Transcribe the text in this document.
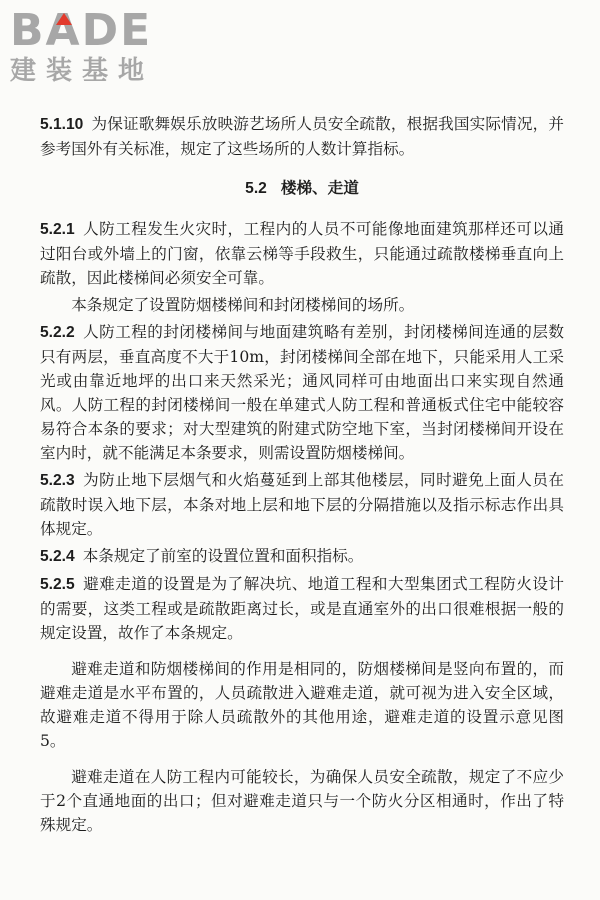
BADE
建装基地

5.1.10 为保证歌舞娱乐放映游艺场所人员安全疏散，根据我国实际情况，并参考国外有关标准，规定了这些场所的人数计算指标。

5.2 楼梯、走道

5.2.1 人防工程发生火灾时，工程内的人员不可能像地面建筑那样还可以通过阳台或外墙上的门窗，依靠云梯等手段救生，只能通过疏散楼梯垂直向上疏散，因此楼梯间必须安全可靠。

本条规定了设置防烟楼梯间和封闭楼梯间的场所。

5.2.2 人防工程的封闭楼梯间与地面建筑略有差别，封闭楼梯间连通的层数只有两层，垂直高度不大于10m，封闭楼梯间全部在地下，只能采用人工采光或由靠近地坪的出口来天然采光；通风同样可由地面出口来实现自然通风。人防工程的封闭楼梯间一般在单建式人防工程和普通板式住宅中能较容易符合本条的要求；对大型建筑的附建式防空地下室，当封闭楼梯间开设在室内时，就不能满足本条要求，则需设置防烟楼梯间。

5.2.3 为防止地下层烟气和火焰蔓延到上部其他楼层，同时避免上面人员在疏散时误入地下层，本条对地上层和地下层的分隔措施以及指示标志作出具体规定。

5.2.4 本条规定了前室的设置位置和面积指标。

5.2.5 避难走道的设置是为了解决坑、地道工程和大型集团式工程防火设计的需要，这类工程或是疏散距离过长，或是直通室外的出口很难根据一般的规定设置，故作了本条规定。

避难走道和防烟楼梯间的作用是相同的，防烟楼梯间是竖向布置的，而避难走道是水平布置的，人员疏散进入避难走道，就可视为进入安全区域，故避难走道不得用于除人员疏散外的其他用途，避难走道的设置示意见图5。

避难走道在人防工程内可能较长，为确保人员安全疏散，规定了不应少于2个直通地面的出口；但对避难走道只与一个防火分区相通时，作出了特殊规定。
